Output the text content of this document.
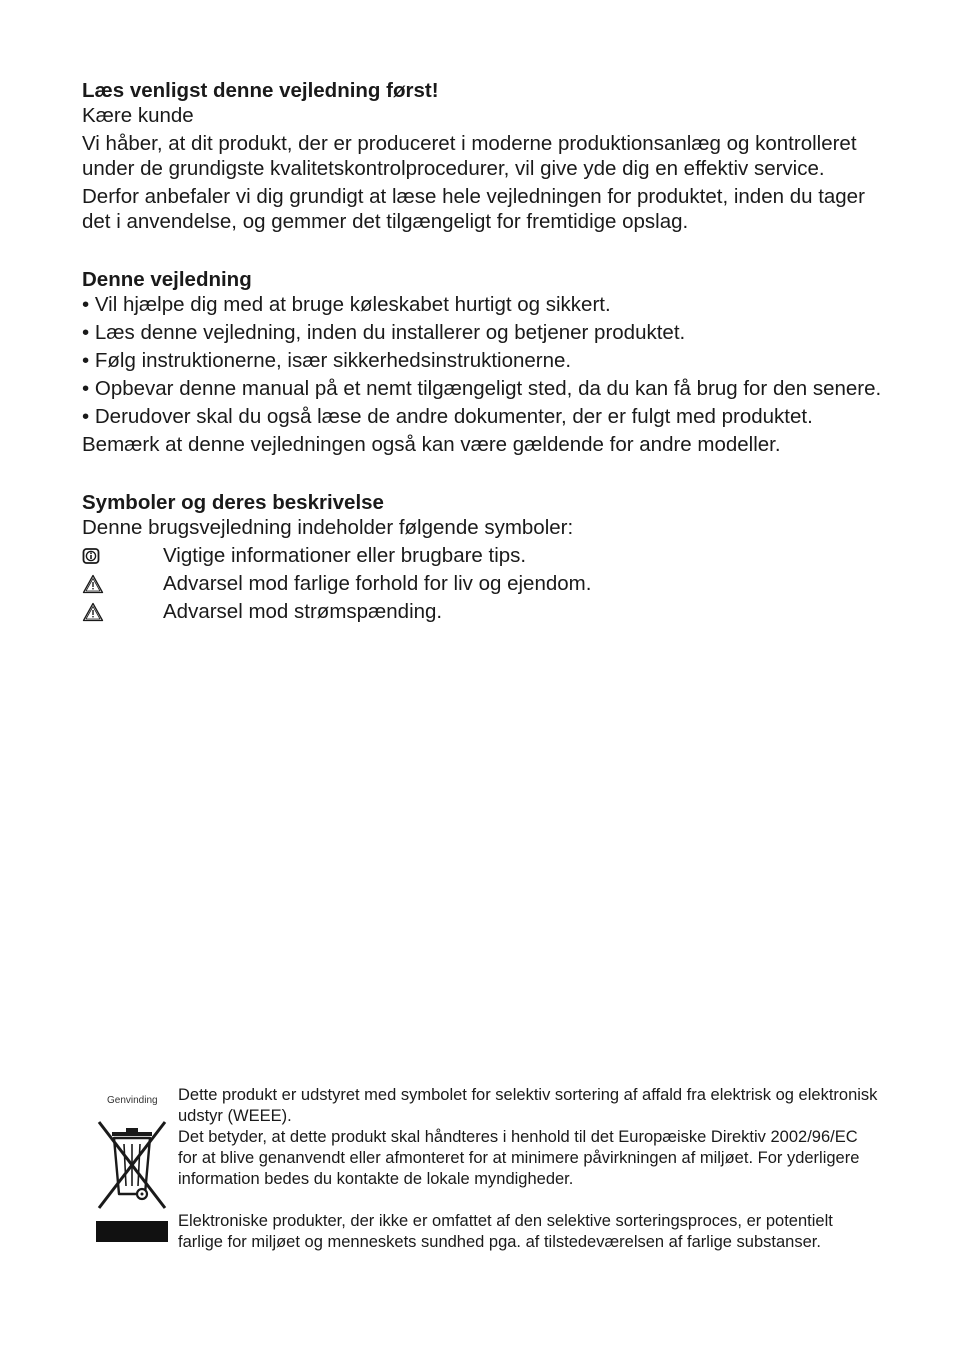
Læs venligst denne vejledning først!

Kære kunde

Vi håber, at dit produkt, der er produceret i moderne produktionsanlæg og kontrolleret under de grundigste kvalitetskontrolprocedurer, vil give yde dig en effektiv service.

Derfor anbefaler vi dig grundigt at læse hele vejledningen for produktet, inden du tager det i anvendelse, og gemmer det tilgængeligt for fremtidige opslag.

Denne vejledning

• Vil hjælpe dig med at bruge køleskabet hurtigt og sikkert.

• Læs denne vejledning, inden du installerer og betjener produktet.

• Følg instruktionerne, især sikkerhedsinstruktionerne.

• Opbevar denne manual på et nemt tilgængeligt sted, da du kan få brug for den senere.

• Derudover skal du også læse de andre dokumenter, der er fulgt med produktet.

Bemærk at denne vejledningen også kan være gældende for andre modeller.

Symboler og deres beskrivelse

Denne brugsvejledning indeholder følgende symboler:

Vigtige informationer eller brugbare tips.
Advarsel mod farlige forhold for liv og ejendom.
Advarsel mod strømspænding.
Genvinding Dette produkt er udstyret med symbolet for selektiv sortering af affald fra elektrisk og elektronisk udstyr (WEEE).

Det betyder, at dette produkt skal håndteres i henhold til det Europæiske Direktiv 2002/96/EC for at blive genanvendt eller afmonteret for at minimere påvirkningen af miljøet. For yderligere information bedes du kontakte de lokale myndigheder.

Elektroniske produkter, der ikke er omfattet af den selektive sorteringsproces, er potentielt farlige for miljøet og menneskets sundhed pga. af tilstedeværelsen af farlige substanser.
